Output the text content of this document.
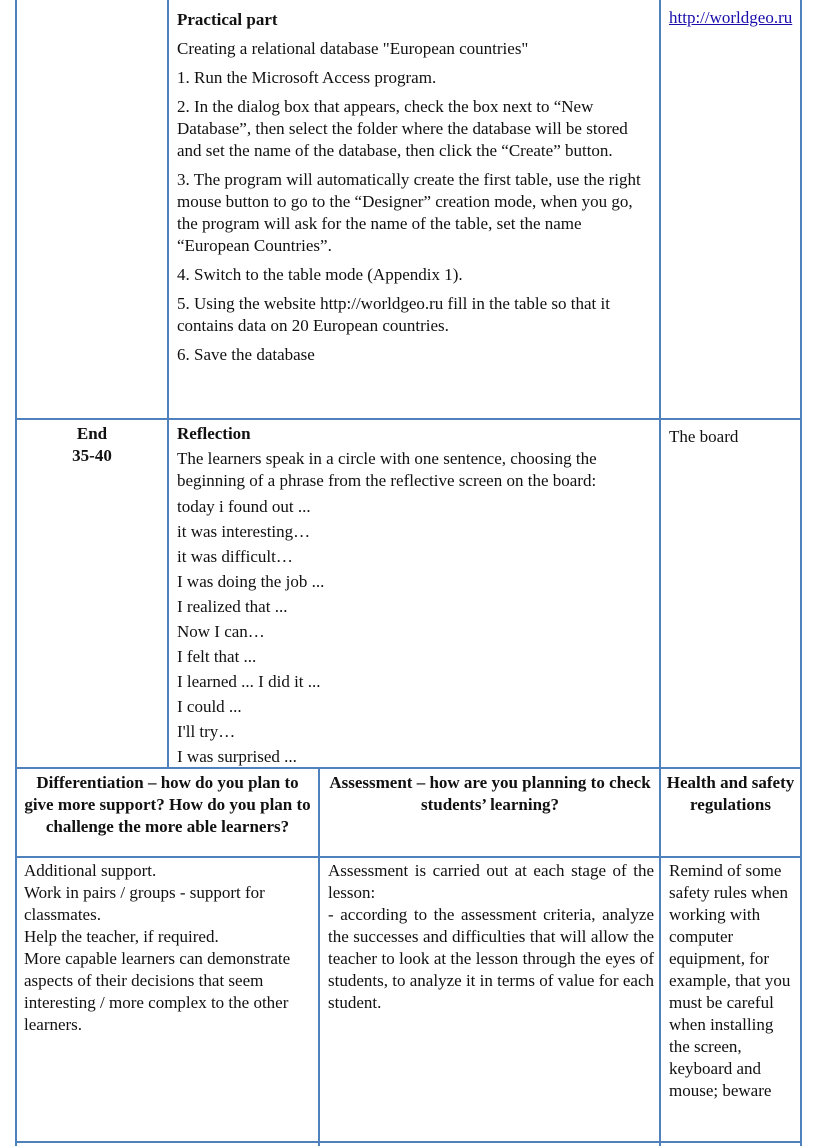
Practical part

Creating a relational database "European countries"

1. Run the Microsoft Access program.

2. In the dialog box that appears, check the box next to “New Database”, then select the folder where the database will be stored and set the name of the database, then click the “Create” button.

3. The program will automatically create the first table, use the right mouse button to go to the “Designer” creation mode, when you go, the program will ask for the name of the table, set the name “European Countries”.

4. Switch to the table mode (Appendix 1).

5. Using the website http://worldgeo.ru fill in the table so that it contains data on 20 European countries.

6. Save the database

http://worldgeo.ru

End

35-40

Reflection

The learners speak in a circle with one sentence, choosing the beginning of a phrase from the reflective screen on the board:

today i found out ...

it was interesting…

it was difficult…

I was doing the job ...

I realized that ...

Now I can…

I felt that ...

I learned ... I did it ...

I could ...

I'll try…

I was surprised ...

The board

Differentiation – how do you plan to give more support? How do you plan to challenge the more able learners?

Assessment – how are you planning to check students’ learning?

Health and safety regulations

Additional support.

Work in pairs / groups - support for classmates.

Help the teacher, if required.

More capable learners can demonstrate aspects of their decisions that seem interesting / more complex to the other learners.

Assessment is carried out at each stage of the lesson:

- according to the assessment criteria, analyze the successes and difficulties that will allow the teacher to look at the lesson through the eyes of students, to analyze it in terms of value for each student.

Remind of some safety rules when working with computer equipment, for example, that you must be careful when installing the screen, keyboard and mouse; beware
